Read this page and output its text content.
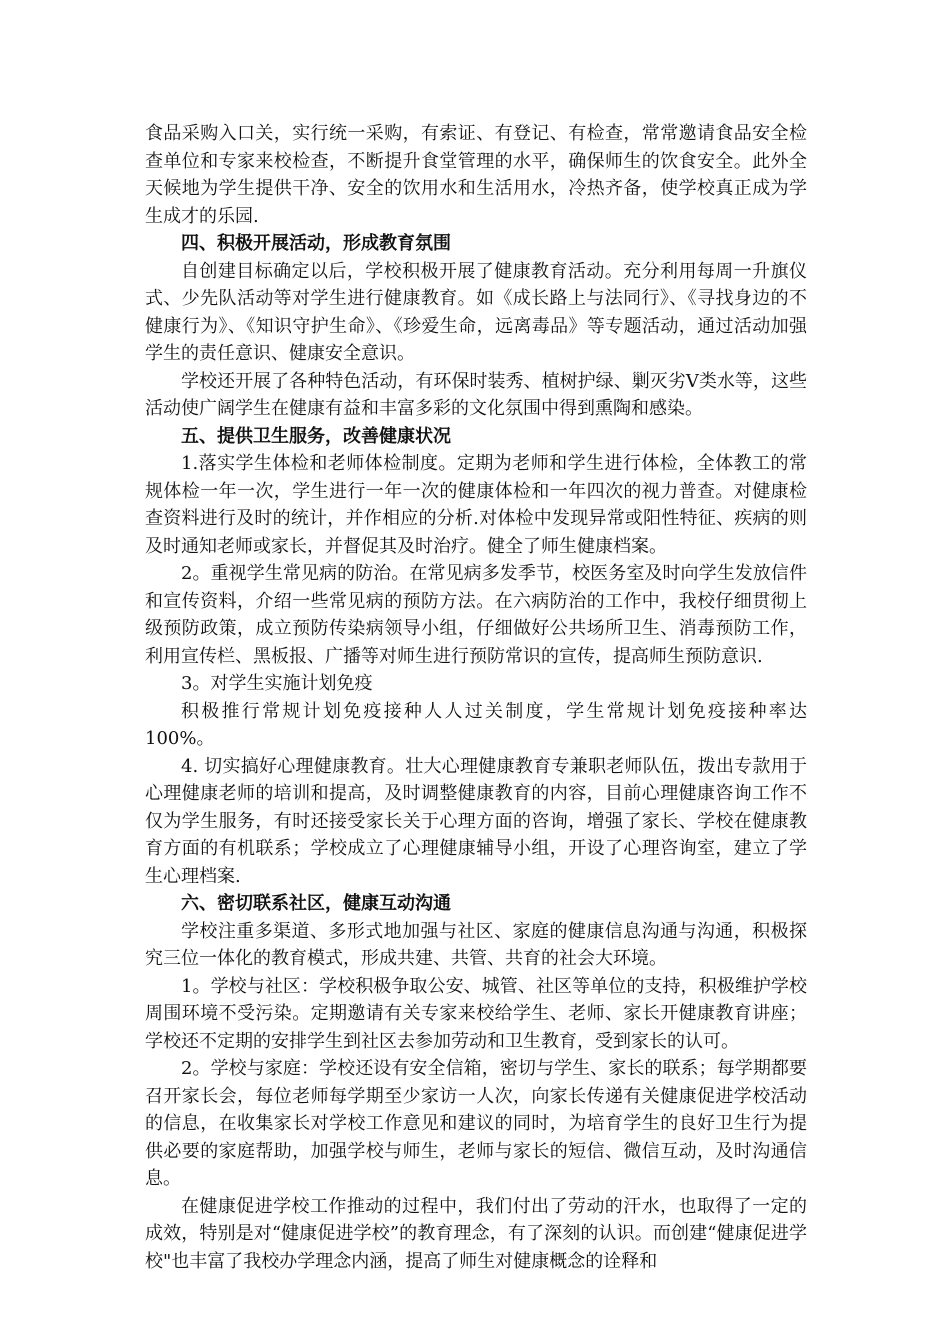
食品采购入口关，实行统一采购，有索证、有登记、有检查，常常邀请食品安全检查单位和专家来校检查，不断提升食堂管理的水平，确保师生的饮食安全。此外全天候地为学生提供干净、安全的饮用水和生活用水，冷热齐备，使学校真正成为学生成才的乐园.

四、积极开展活动，形成教育氛围

自创建目标确定以后，学校积极开展了健康教育活动。充分利用每周一升旗仪式、少先队活动等对学生进行健康教育。如《成长路上与法同行》、《寻找身边的不健康行为》、《知识守护生命》、《珍爱生命，远离毒品》等专题活动，通过活动加强学生的责任意识、健康安全意识。

学校还开展了各种特色活动，有环保时装秀、植树护绿、剿灭劣Ⅴ类水等，这些 活动使广阔学生在健康有益和丰富多彩的文化氛围中得到熏陶和感染。

五、提供卫生服务，改善健康状况

1.落实学生体检和老师体检制度。定期为老师和学生进行体检，全体教工的常规体检一年一次，学生进行一年一次的健康体检和一年四次的视力普查。对健康检查资料进行及时的统计，并作相应的分析.对体检中发现异常或阳性特征、疾病的则及时通知老师或家长，并督促其及时治疗。健全了师生健康档案。

2。重视学生常见病的防治。在常见病多发季节，校医务室及时向学生发放信件和宣传资料，介绍一些常见病的预防方法。在六病防治的工作中，我校仔细贯彻上级预防政策，成立预防传染病领导小组，仔细做好公共场所卫生、消毒预防工作，利用宣传栏、黑板报、广播等对师生进行预防常识的宣传，提高师生预防意识.

3。对学生实施计划免疫

积极推行常规计划免疫接种人人过关制度，学生常规计划免疫接种率达100%。

4. 切实搞好心理健康教育。壮大心理健康教育专兼职老师队伍，拨出专款用于心理健康老师的培训和提高，及时调整健康教育的内容，目前心理健康咨询工作不仅为学生服务，有时还接受家长关于心理方面的咨询，增强了家长、学校在健康教育方面的有机联系；学校成立了心理健康辅导小组，开设了心理咨询室，建立了学生心理档案.

六、密切联系社区，健康互动沟通

学校注重多渠道、多形式地加强与社区、家庭的健康信息沟通与沟通，积极探究三位一体化的教育模式，形成共建、共管、共育的社会大环境。

1。学校与社区：学校积极争取公安、城管、社区等单位的支持，积极维护学校周围环境不受污染。定期邀请有关专家来校给学生、老师、家长开健康教育讲座；学校还不定期的安排学生到社区去参加劳动和卫生教育，受到家长的认可。

2。学校与家庭：学校还设有安全信箱，密切与学生、家长的联系；每学期都要召开家长会，每位老师每学期至少家访一人次，向家长传递有关健康促进学校活动的信息，在收集家长对学校工作意见和建议的同时，为培育学生的良好卫生行为提供必要的家庭帮助，加强学校与师生，老师与家长的短信、微信互动，及时沟通信息。

在健康促进学校工作推动的过程中，我们付出了劳动的汗水，也取得了一定的成效，特别是对“健康促进学校”的教育理念，有了深刻的认识。而创建“健康促进学校"也丰富了我校办学理念内涵，提高了师生对健康概念的诠释和
